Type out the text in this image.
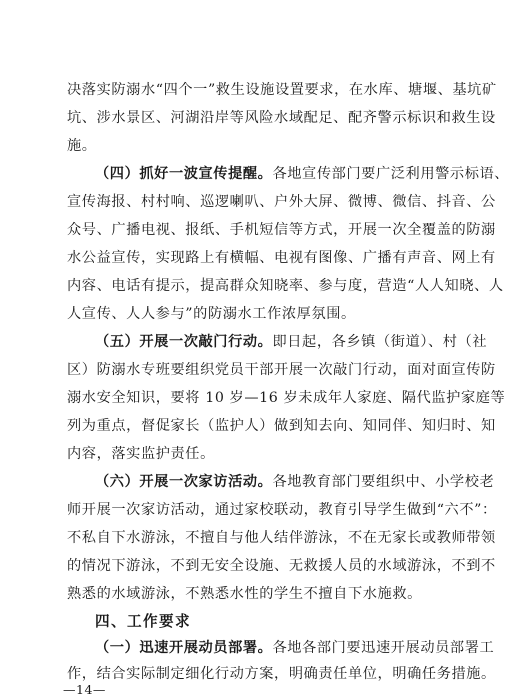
决落实防溺水“四个一”救生设施设置要求，在水库、塘堰、基坑矿
坑、涉水景区、河湖沿岸等风险水域配足、配齐警示标识和救生设
施。
（四）抓好一波宣传提醒。各地宣传部门要广泛利用警示标语、
宣传海报、村村响、巡逻喇叭、户外大屏、微博、微信、抖音、公
众号、广播电视、报纸、手机短信等方式，开展一次全覆盖的防溺
水公益宣传，实现路上有横幅、电视有图像、广播有声音、网上有
内容、电话有提示，提高群众知晓率、参与度，营造“人人知晓、人
人宣传、人人参与”的防溺水工作浓厚氛围。
（五）开展一次敲门行动。即日起，各乡镇（街道）、村（社
区）防溺水专班要组织党员干部开展一次敲门行动，面对面宣传防
溺水安全知识，要将 10 岁—16 岁未成年人家庭、隔代监护家庭等
列为重点，督促家长（监护人）做到知去向、知同伴、知归时、知
内容，落实监护责任。
（六）开展一次家访活动。各地教育部门要组织中、小学校老
师开展一次家访活动，通过家校联动，教育引导学生做到“六不”：
不私自下水游泳，不擅自与他人结伴游泳，不在无家长或教师带领
的情况下游泳，不到无安全设施、无救援人员的水域游泳，不到不
熟悉的水域游泳，不熟悉水性的学生不擅自下水施救。
四、工作要求
（一）迅速开展动员部署。各地各部门要迅速开展动员部署工
作，结合实际制定细化行动方案，明确责任单位，明确任务措施。
—14—
